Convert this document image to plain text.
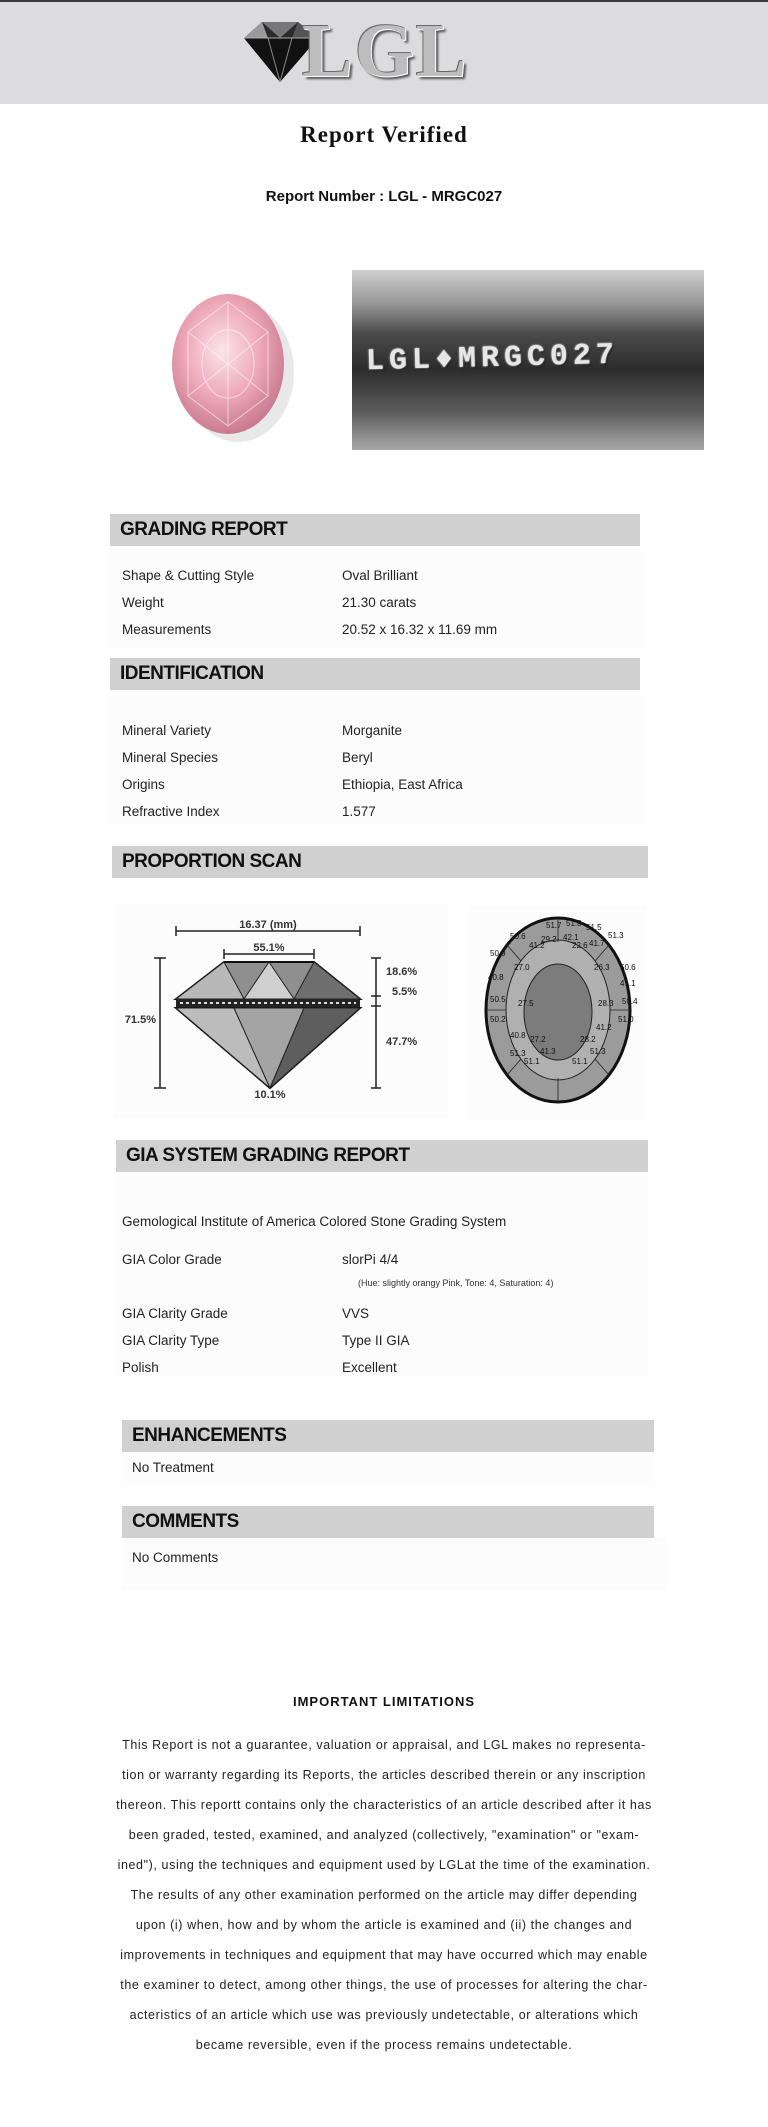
LGL
Report Verified
Report Number : LGL - MRGC027
LGL♦MRGC027
GRADING REPORT
Shape & Cutting Style	Oval Brilliant
Weight	21.30 carats
Measurements	20.52 x 16.32 x 11.69 mm
IDENTIFICATION
Mineral Variety	Morganite
Mineral Species	Beryl
Origins	Ethiopia, East Africa
Refractive Index	1.577
PROPORTION SCAN
16.37 (mm)
55.1%
71.5%
18.6%
5.5%
47.7%
10.1%
51.7 51.8 51.5
42.1
29.2
41.2	22.6 41.7
50.6	51.3
50.9
27.0	26.3 50.6
40.8
41.1
50.5 27.5	28.3 50.4
50.2	51.0
40.8 27.2	28.2
41.2
51.3 41.3
51.1	51.1
51.3
GIA SYSTEM GRADING REPORT
Gemological Institute of America Colored Stone Grading System
GIA Color Grade	slorPi 4/4
(Hue: slightly orangy Pink, Tone: 4, Saturation: 4)
GIA Clarity Grade	VVS
GIA Clarity Type	Type II GIA
Polish	Excellent
ENHANCEMENTS
No Treatment
COMMENTS
No Comments
IMPORTANT LIMITATIONS
This Report is not a guarantee, valuation or appraisal, and LGL makes no representa-
tion or warranty regarding its Reports, the articles described therein or any inscription
thereon. This reportt contains only the characteristics of an article described after it has
been graded, tested, examined, and analyzed (collectively, "examination" or "exam-
ined"), using the techniques and equipment used by LGLat the time of the examination.
The results of any other examination performed on the article may differ depending
upon (i) when, how and by whom the article is examined and (ii) the changes and
improvements in techniques and equipment that may have occurred which may enable
the examiner to detect, among other things, the use of processes for altering the char-
acteristics of an article which use was previously undetectable, or alterations which
became reversible, even if the process remains undetectable.
